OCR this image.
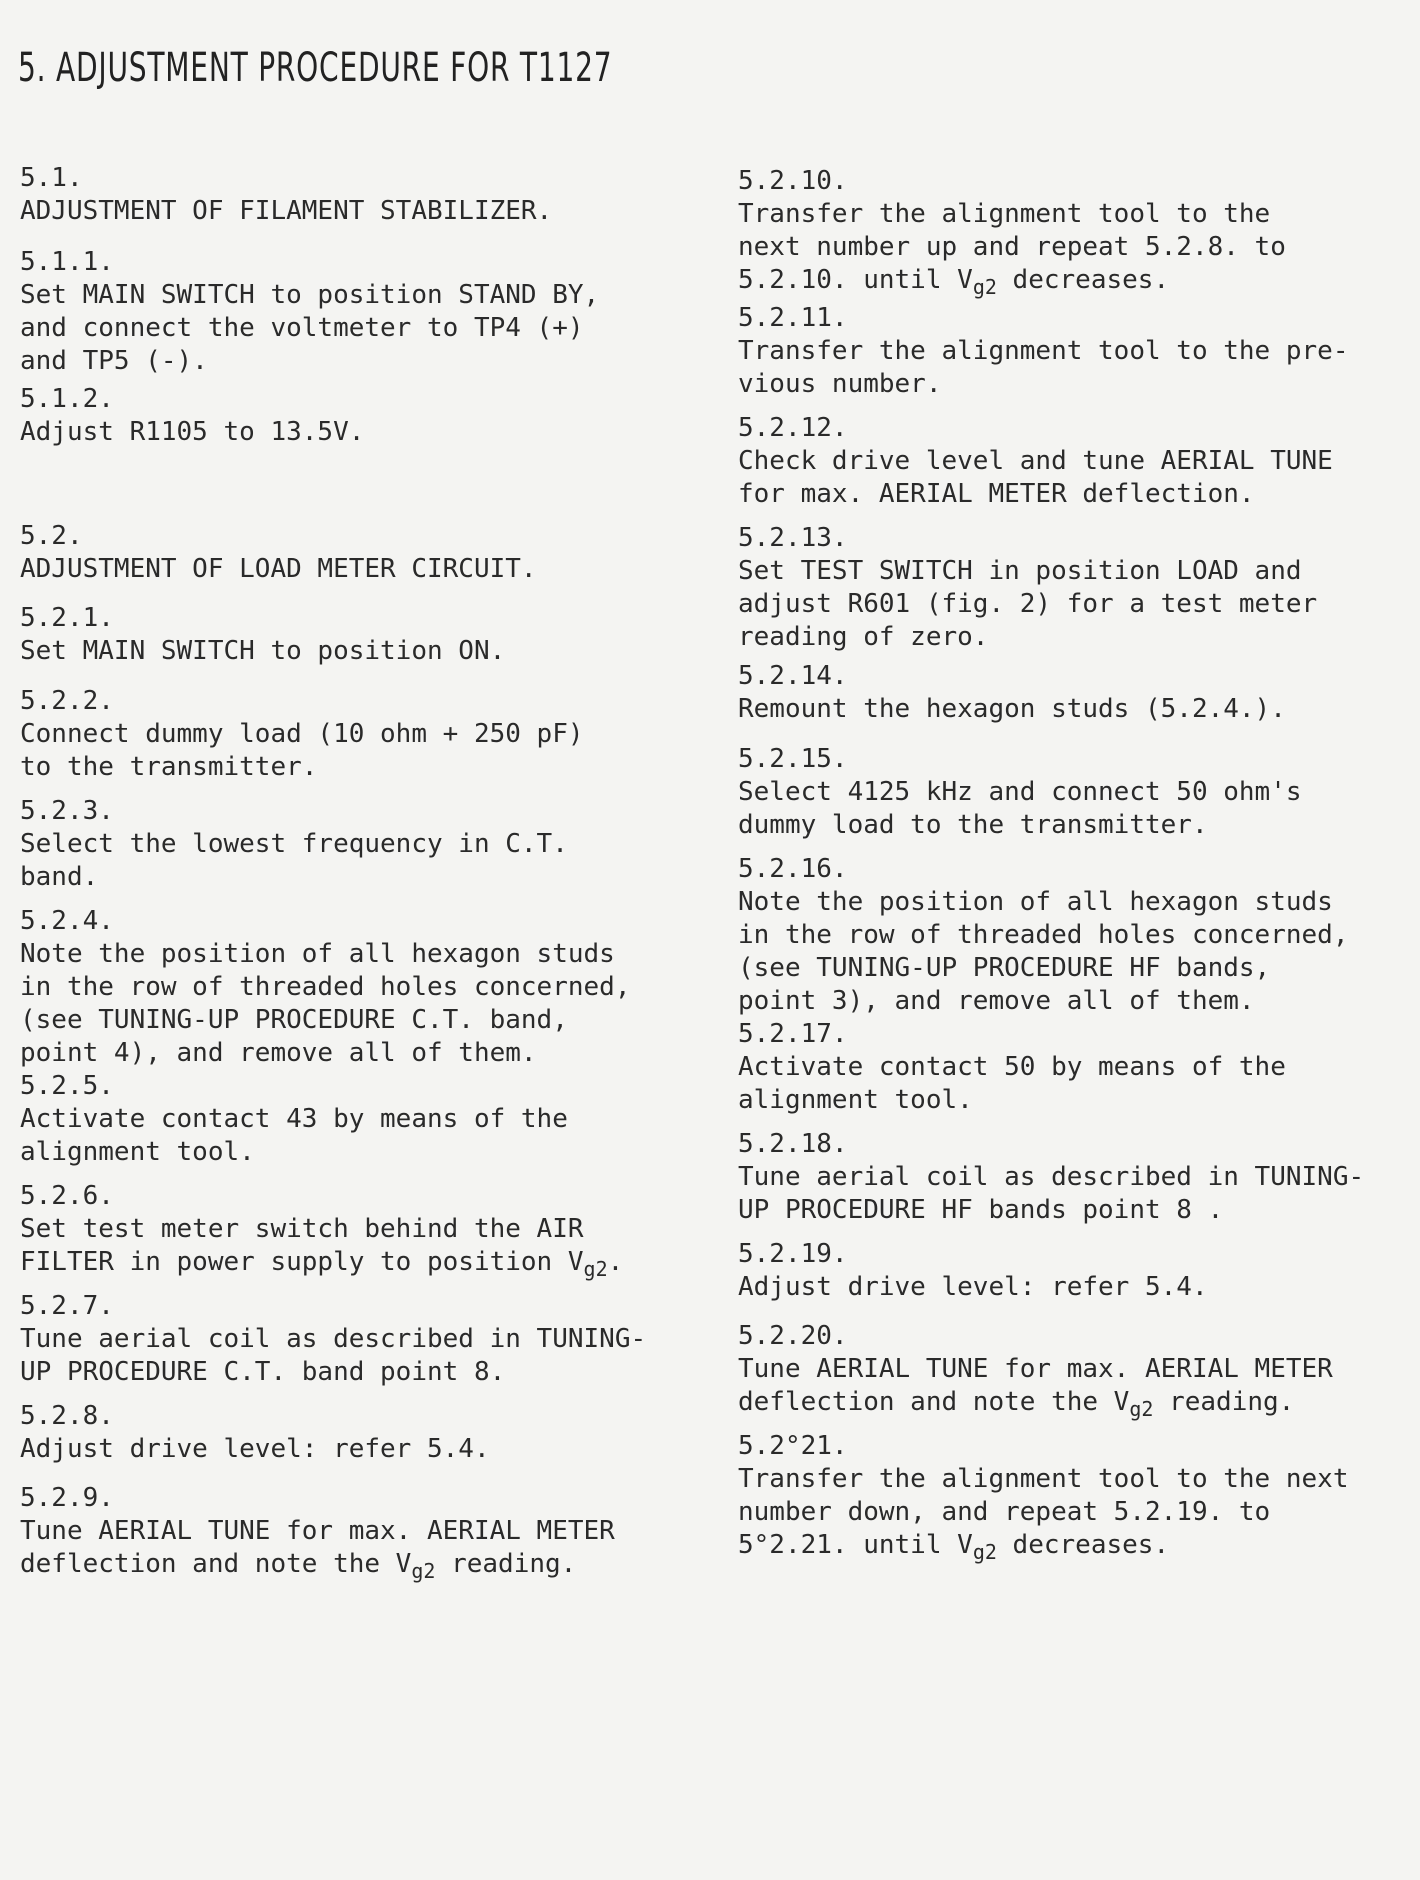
5. ADJUSTMENT PROCEDURE FOR T1127
5.1.
ADJUSTMENT OF FILAMENT STABILIZER.
5.1.1.
Set MAIN SWITCH to position STAND BY,
and connect the voltmeter to TP4 (+)
and TP5 (-).
5.1.2.
Adjust R1105 to 13.5V.
5.2.
ADJUSTMENT OF LOAD METER CIRCUIT.
5.2.1.
Set MAIN SWITCH to position ON.
5.2.2.
Connect dummy load (10 ohm + 250 pF)
to the transmitter.
5.2.3.
Select the lowest frequency in C.T.
band.
5.2.4.
Note the position of all hexagon studs
in the row of threaded holes concerned,
(see TUNING-UP PROCEDURE C.T. band,
point 4), and remove all of them.
5.2.5.
Activate contact 43 by means of the
alignment tool.
5.2.6.
Set test meter switch behind the AIR
FILTER in power supply to position $V_{g2}$.
5.2.7.
Tune aerial coil as described in TUNING-
UP PROCEDURE C.T. band point 8.
5.2.8.
Adjust drive level: refer 5.4.
5.2.9.
Tune AERIAL TUNE for max. AERIAL METER
deflection and note the $V_{g2}$ reading.
5.2.10.
Transfer the alignment tool to the
next number up and repeat 5.2.8. to
5.2.10. until $V_{g2}$ decreases.
5.2.11.
Transfer the alignment tool to the pre-
vious number.
5.2.12.
Check drive level and tune AERIAL TUNE
for max. AERIAL METER deflection.
5.2.13.
Set TEST SWITCH in position LOAD and
adjust R601 (fig. 2) for a test meter
reading of zero.
5.2.14.
Remount the hexagon studs (5.2.4.).
5.2.15.
Select 4125 kHz and connect 50 ohm's
dummy load to the transmitter.
5.2.16.
Note the position of all hexagon studs
in the row of threaded holes concerned,
(see TUNING-UP PROCEDURE HF bands,
point 3), and remove all of them.
5.2.17.
Activate contact 50 by means of the
alignment tool.
5.2.18.
Tune aerial coil as described in TUNING-
UP PROCEDURE HF bands point 8 .
5.2.19.
Adjust drive level: refer 5.4.
5.2.20.
Tune AERIAL TUNE for max. AERIAL METER
deflection and note the $V_{g2}$ reading.
5.2°21.
Transfer the alignment tool to the next
number down, and repeat 5.2.19. to
5°2.21. until $V_{g2}$ decreases.
